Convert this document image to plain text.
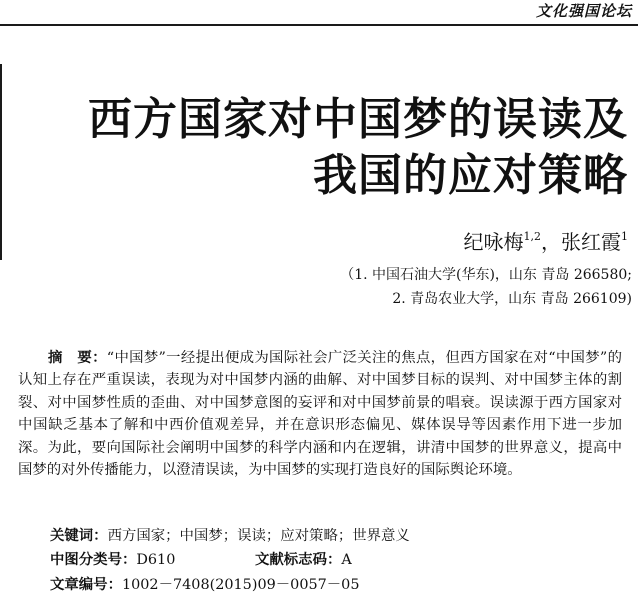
文化强国论坛
西方国家对中国梦的误读及
我国的应对策略
纪咏梅$^{1,2}$，张红霞$^1$
（1. 中国石油大学(华东)，山东 青岛 266580;
2. 青岛农业大学，山东 青岛 266109)
摘　要：“中国梦”一经提出便成为国际社会广泛关注的焦点，但西方国家在对“中国梦”的认知上存在严重误读，表现为对中国梦内涵的曲解、对中国梦目标的误判、对中国梦主体的割裂、对中国梦性质的歪曲、对中国梦意图的妄评和对中国梦前景的唱衰。误读源于西方国家对中国缺乏基本了解和中西价值观差异，并在意识形态偏见、媒体误导等因素作用下进一步加深。为此，要向国际社会阐明中国梦的科学内涵和内在逻辑，讲清中国梦的世界意义，提高中国梦的对外传播能力，以澄清误读，为中国梦的实现打造良好的国际舆论环境。
关键词：西方国家；中国梦；误读；应对策略；世界意义
中图分类号：D610	文献标志码：A
文章编号：1002－7408(2015)09－0057－05
